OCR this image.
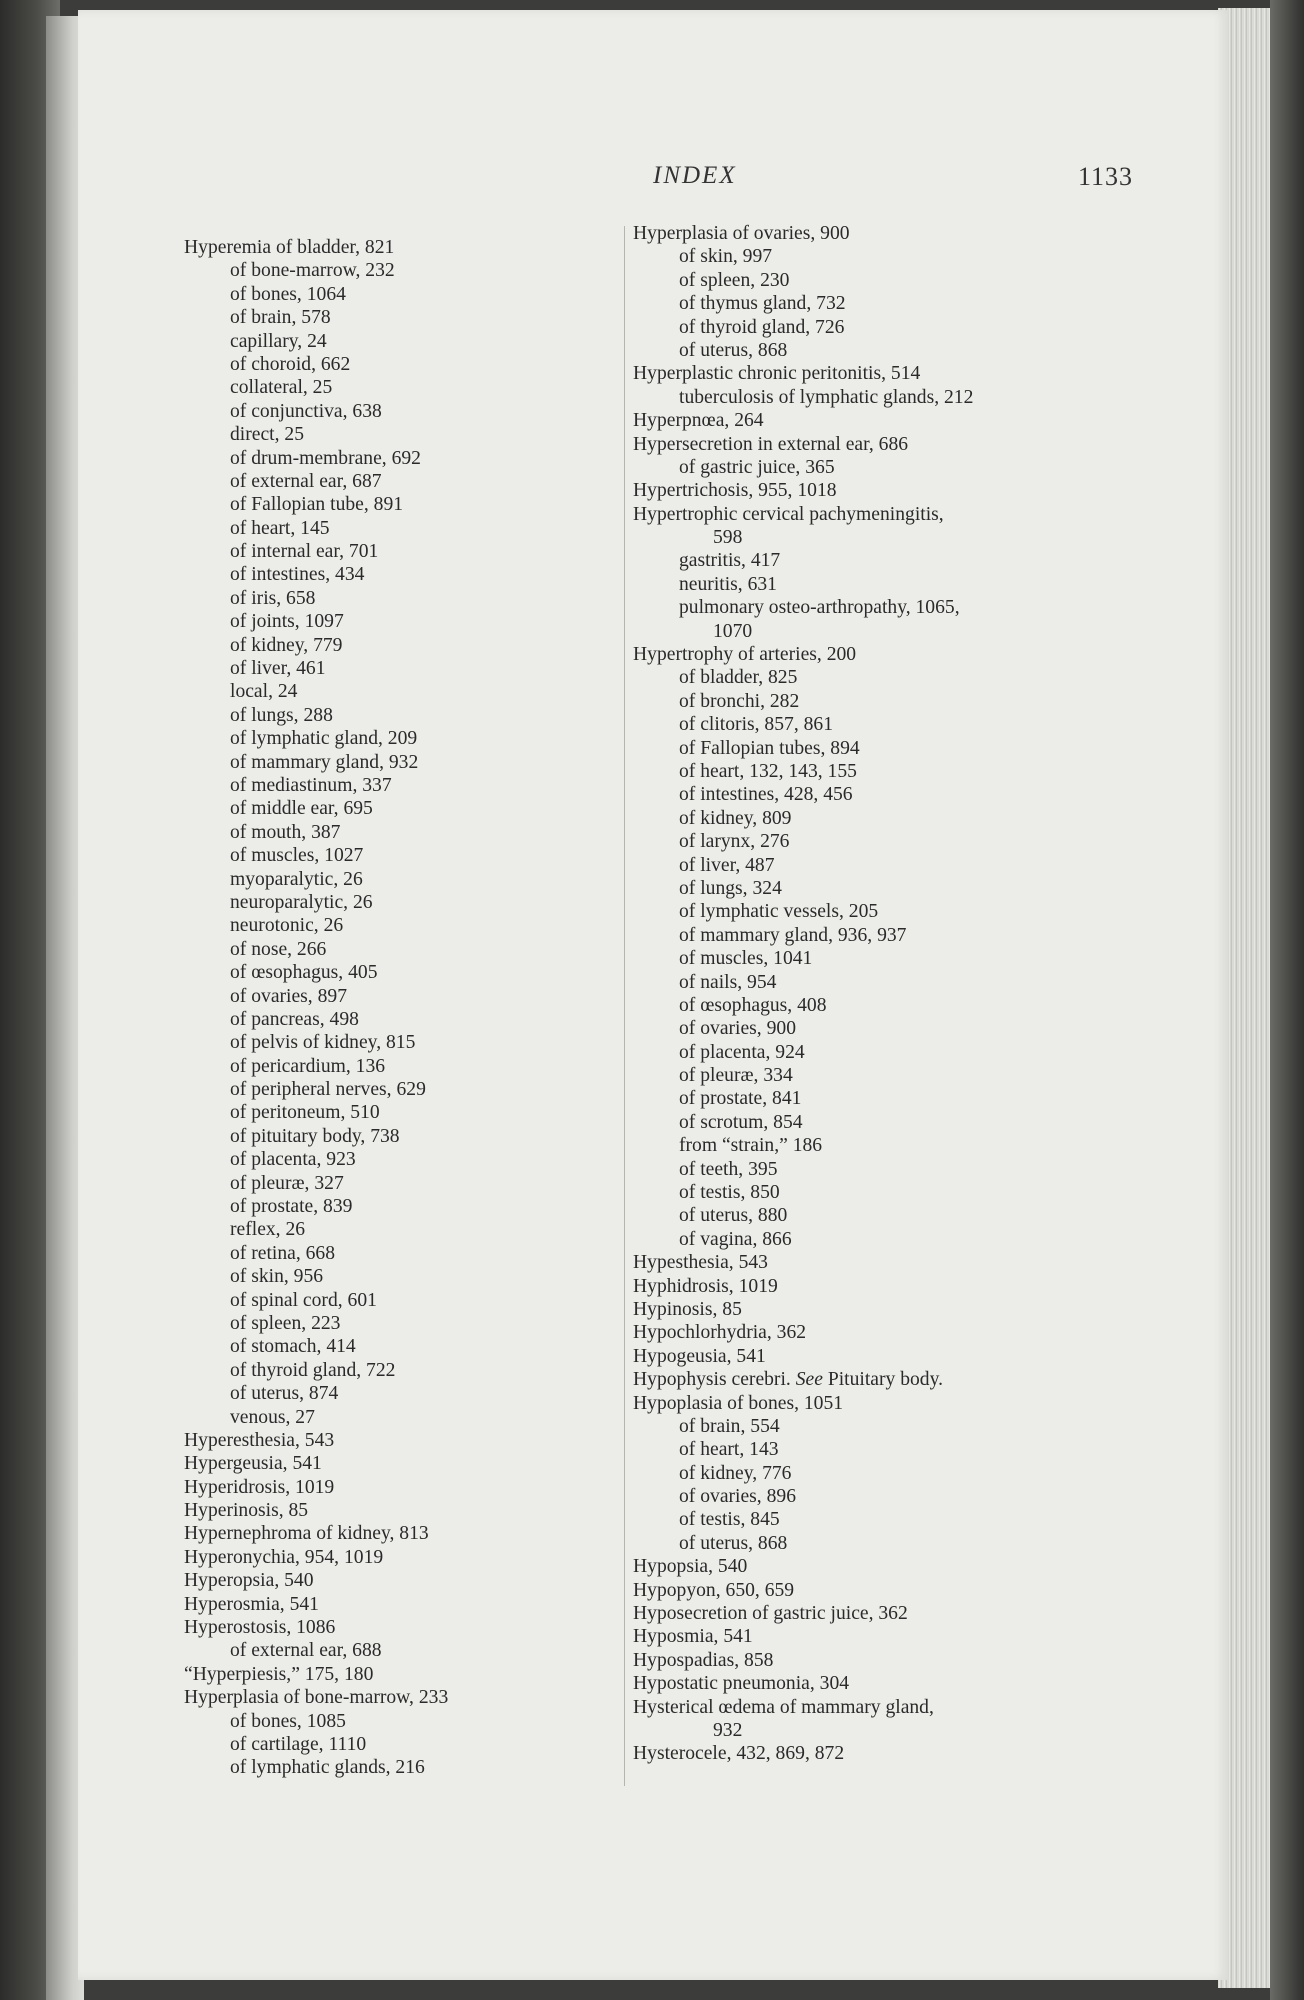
INDEX	1133
Hyperemia of bladder, 821
of bone-marrow, 232
of bones, 1064
of brain, 578
capillary, 24
of choroid, 662
collateral, 25
of conjunctiva, 638
direct, 25
of drum-membrane, 692
of external ear, 687
of Fallopian tube, 891
of heart, 145
of internal ear, 701
of intestines, 434
of iris, 658
of joints, 1097
of kidney, 779
of liver, 461
local, 24
of lungs, 288
of lymphatic gland, 209
of mammary gland, 932
of mediastinum, 337
of middle ear, 695
of mouth, 387
of muscles, 1027
myoparalytic, 26
neuroparalytic, 26
neurotonic, 26
of nose, 266
of œsophagus, 405
of ovaries, 897
of pancreas, 498
of pelvis of kidney, 815
of pericardium, 136
of peripheral nerves, 629
of peritoneum, 510
of pituitary body, 738
of placenta, 923
of pleuræ, 327
of prostate, 839
reflex, 26
of retina, 668
of skin, 956
of spinal cord, 601
of spleen, 223
of stomach, 414
of thyroid gland, 722
of uterus, 874
venous, 27
Hyperesthesia, 543
Hypergeusia, 541
Hyperidrosis, 1019
Hyperinosis, 85
Hypernephroma of kidney, 813
Hyperonychia, 954, 1019
Hyperopsia, 540
Hyperosmia, 541
Hyperostosis, 1086
of external ear, 688
“Hyperpiesis,” 175, 180
Hyperplasia of bone-marrow, 233
of bones, 1085
of cartilage, 1110
of lymphatic glands, 216
Hyperplasia of ovaries, 900
of skin, 997
of spleen, 230
of thymus gland, 732
of thyroid gland, 726
of uterus, 868
Hyperplastic chronic peritonitis, 514
tuberculosis of lymphatic glands, 212
Hyperpnœa, 264
Hypersecretion in external ear, 686
of gastric juice, 365
Hypertrichosis, 955, 1018
Hypertrophic cervical pachymeningitis,
598
gastritis, 417
neuritis, 631
pulmonary osteo-arthropathy, 1065,
1070
Hypertrophy of arteries, 200
of bladder, 825
of bronchi, 282
of clitoris, 857, 861
of Fallopian tubes, 894
of heart, 132, 143, 155
of intestines, 428, 456
of kidney, 809
of larynx, 276
of liver, 487
of lungs, 324
of lymphatic vessels, 205
of mammary gland, 936, 937
of muscles, 1041
of nails, 954
of œsophagus, 408
of ovaries, 900
of placenta, 924
of pleuræ, 334
of prostate, 841
of scrotum, 854
from “strain,” 186
of teeth, 395
of testis, 850
of uterus, 880
of vagina, 866
Hypesthesia, 543
Hyphidrosis, 1019
Hypinosis, 85
Hypochlorhydria, 362
Hypogeusia, 541
Hypophysis cerebri. See Pituitary body.
Hypoplasia of bones, 1051
of brain, 554
of heart, 143
of kidney, 776
of ovaries, 896
of testis, 845
of uterus, 868
Hypopsia, 540
Hypopyon, 650, 659
Hyposecretion of gastric juice, 362
Hyposmia, 541
Hypospadias, 858
Hypostatic pneumonia, 304
Hysterical œdema of mammary gland,
932
Hysterocele, 432, 869, 872
